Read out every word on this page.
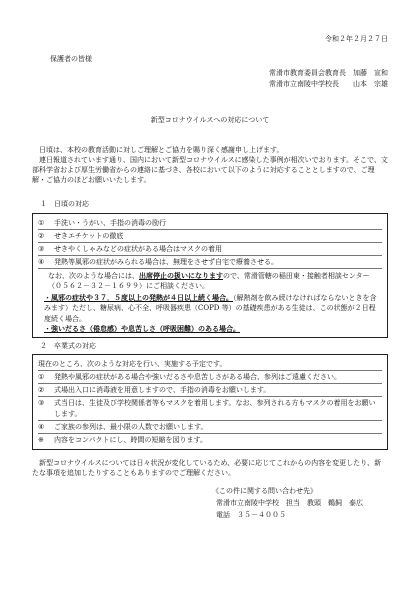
令和２年２月２７日
保護者の皆様
常滑市教育委員会教育長　加藤　宣和
常滑市立南陵中学校長　　山本　宗雄
新型コロナウイルスへの対応について

日頃は、本校の教育活動に対しご理解とご協力を賜り深く感謝申し上げます。

連日報道されています通り、国内において新型コロナウイルスに感染した事例が相次いでおります。そこで、文部科学省および厚生労働省からの連絡に基づき、各校において以下のように対応することとしますので、ご理解・ご協力のほどお願いいたします。

１　日頃の対応
①	手洗い・うがい、手指の消毒の励行
②	せきエチケットの徹底
③	せきやくしゃみなどの症状がある場合はマスクの着用
④	発熱等風邪の症状がみられる場合は、無理をさせず自宅で療養させる。
なお、次のような場合には、出席停止の扱いになりますので、常滑管轄の稲田東・接触者相談センター（０５６２－３２－１６９９）にご相談ください。
・風邪の症状や３７．５度以上の発熱が４日以上続く場合。（解熱剤を飲み続けなければならないときを含みます）ただし、糖尿病、心不全、呼吸器疾患（COPD 等）の基礎疾患がある生徒は、この状態が２日程度続く場合。
・強いだるさ（倦怠感）や息苦しさ（呼吸困難）のある場合。
２　卒業式の対応
現在のところ、次のような対応を行い、実施する予定です。
①	発熱や風邪の症状がある場合や強いだるさや息苦しさがある場合、参列はご遠慮ください。
②	式場出入口に消毒液を用意しますので、手指の消毒をお願いします。
③	式当日は、生徒及び学校関係者等もマスクを着用します。なお、参列される方もマスクの着用をお願いします。
④	ご家族の参列は、最小限の人数でお願いします。
※	内容をコンパクトにし、時間の短縮を図ります。

新型コロナウイルスについては日々状況が変化しているため、必要に応じてこれからの内容を変更したり、新たな事項を追加したりすることもありますのでご理解ください。

《この件に関する問い合わせ先》
常滑市立南陵中学校　担当　教頭　鵜飼　泰広
電話　３５－４００５
